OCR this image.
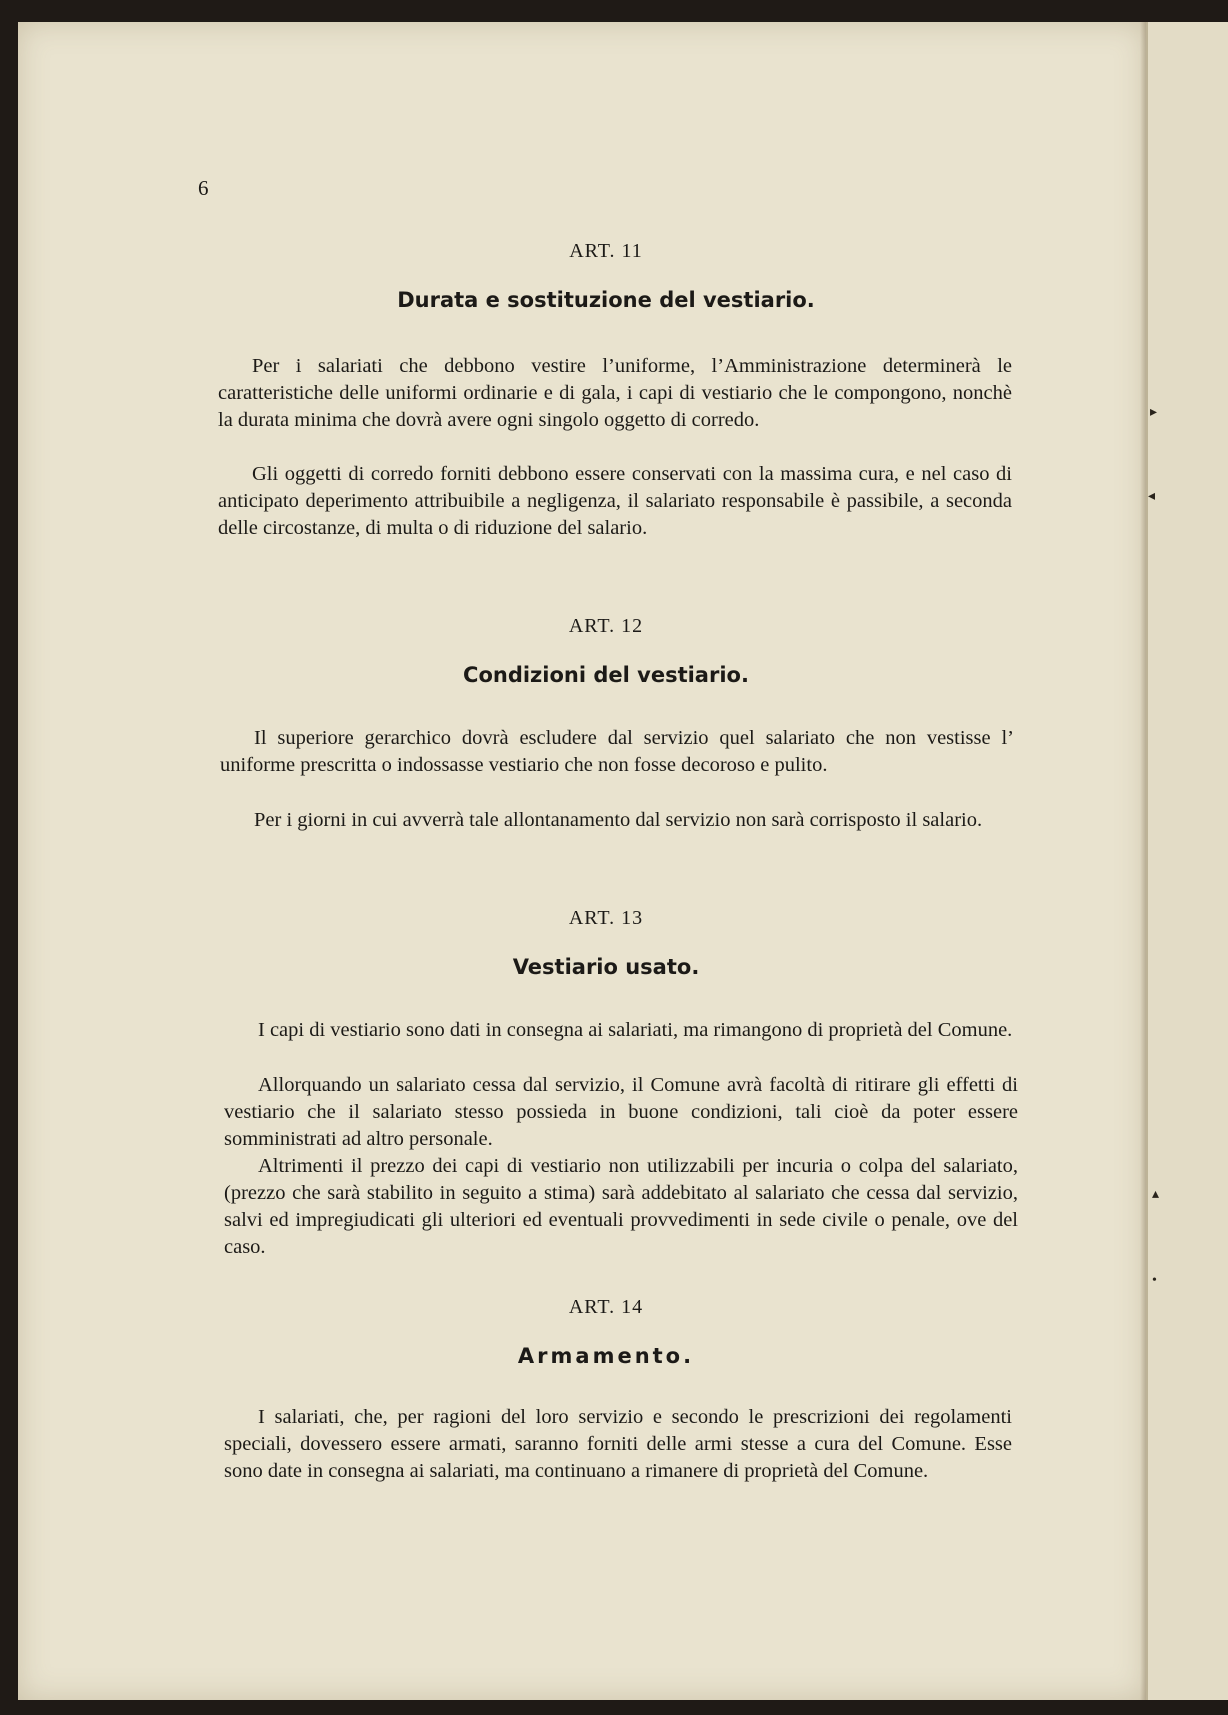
6
ART. 11
Durata e sostituzione del vestiario.

Per i salariati che debbono vestire l’uniforme, l’Amministrazione determinerà le caratteristiche delle uniformi ordinarie e di gala, i capi di vestiario che le compongono, nonchè la durata minima che dovrà avere ogni singolo oggetto di corredo.

Gli oggetti di corredo forniti debbono essere conservati con la massima cura, e nel caso di anticipato deperimento attribuibile a negligenza, il salariato responsabile è passibile, a seconda delle circostanze, di multa o di riduzione del salario.

ART. 12
Condizioni del vestiario.

Il superiore gerarchico dovrà escludere dal servizio quel salariato che non vestisse l’ uniforme prescritta o indossasse vestiario che non fosse decoroso e pulito.

Per i giorni in cui avverrà tale allontanamento dal servizio non sarà corrisposto il salario.

ART. 13
Vestiario usato.

I capi di vestiario sono dati in consegna ai salariati, ma rimangono di proprietà del Comune.

Allorquando un salariato cessa dal servizio, il Comune avrà facoltà di ritirare gli effetti di vestiario che il salariato stesso possieda in buone condizioni, tali cioè da poter essere somministrati ad altro personale.

Altrimenti il prezzo dei capi di vestiario non utilizzabili per incuria o colpa del salariato, (prezzo che sarà stabilito in seguito a stima) sarà addebitato al salariato che cessa dal servizio, salvi ed impregiudicati gli ulteriori ed eventuali provvedimenti in sede civile o penale, ove del caso.

ART. 14
Armamento.

I salariati, che, per ragioni del loro servizio e secondo le prescrizioni dei regolamenti speciali, dovessero essere armati, saranno forniti delle armi stesse a cura del Comune. Esse sono date in consegna ai salariati, ma continuano a rimanere di proprietà del Comune.

▸
◂
▴
•
